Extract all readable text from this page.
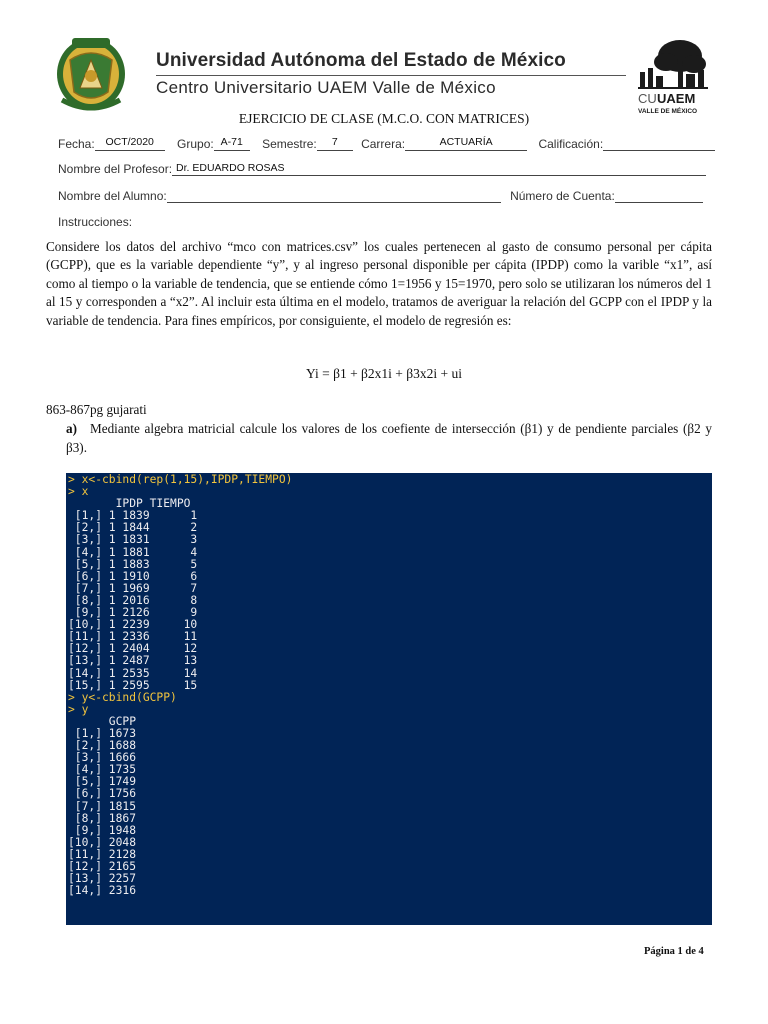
CU UAEM
VALLE DE MÉXICO
Universidad Autónoma del Estado de México
Centro Universitario UAEM Valle de México
EJERCICIO DE CLASE (M.C.O. CON MATRICES)
Fecha: OCT/2020 Grupo: A-71 Semestre: 7 Carrera:	ACTUARÍA	Calificación:
Nombre del Profesor: Dr. EDUARDO ROSAS
Nombre del Alumno:	Número de Cuenta:
Instrucciones:
Considere los datos del archivo “mco con matrices.csv” los cuales pertenecen al gasto de consumo personal per cápita (GCPP), que es la variable dependiente “y”, y al ingreso personal disponible per cápita (IPDP) como la varible “x1”, así como al tiempo o la variable de tendencia, que se entiende cómo 1=1956 y 15=1970, pero solo se utilizaran los números del 1 al 15 y corresponden a “x2”. Al incluir esta última en el modelo, tratamos de averiguar la relación del GCPP con el IPDP y la variable de tendencia. Para fines empíricos, por consiguiente, el modelo de regresión es:
Yi = β1 + β2x1i + β3x2i + ui
863-867pg gujarati
a) Mediante algebra matricial calcule los valores de los coefiente de intersección (β1) y de pendiente parciales (β2 y β3).
> x<-cbind(rep(1,15),IPDP,TIEMPO)
> x
IPDP TIEMPO
[1,] 1 1839      1
[2,] 1 1844      2
[3,] 1 1831      3
[4,] 1 1881      4
[5,] 1 1883      5
[6,] 1 1910      6
[7,] 1 1969      7
[8,] 1 2016      8
[9,] 1 2126      9
[10,] 1 2239     10
[11,] 1 2336     11
[12,] 1 2404     12
[13,] 1 2487     13
[14,] 1 2535     14
[15,] 1 2595     15
> y<-cbind(GCPP)
> y
GCPP
[1,] 1673
[2,] 1688
[3,] 1666
[4,] 1735
[5,] 1749
[6,] 1756
[7,] 1815
[8,] 1867
[9,] 1948
[10,] 2048
[11,] 2128
[12,] 2165
[13,] 2257
[14,] 2316
Página 1 de 4
